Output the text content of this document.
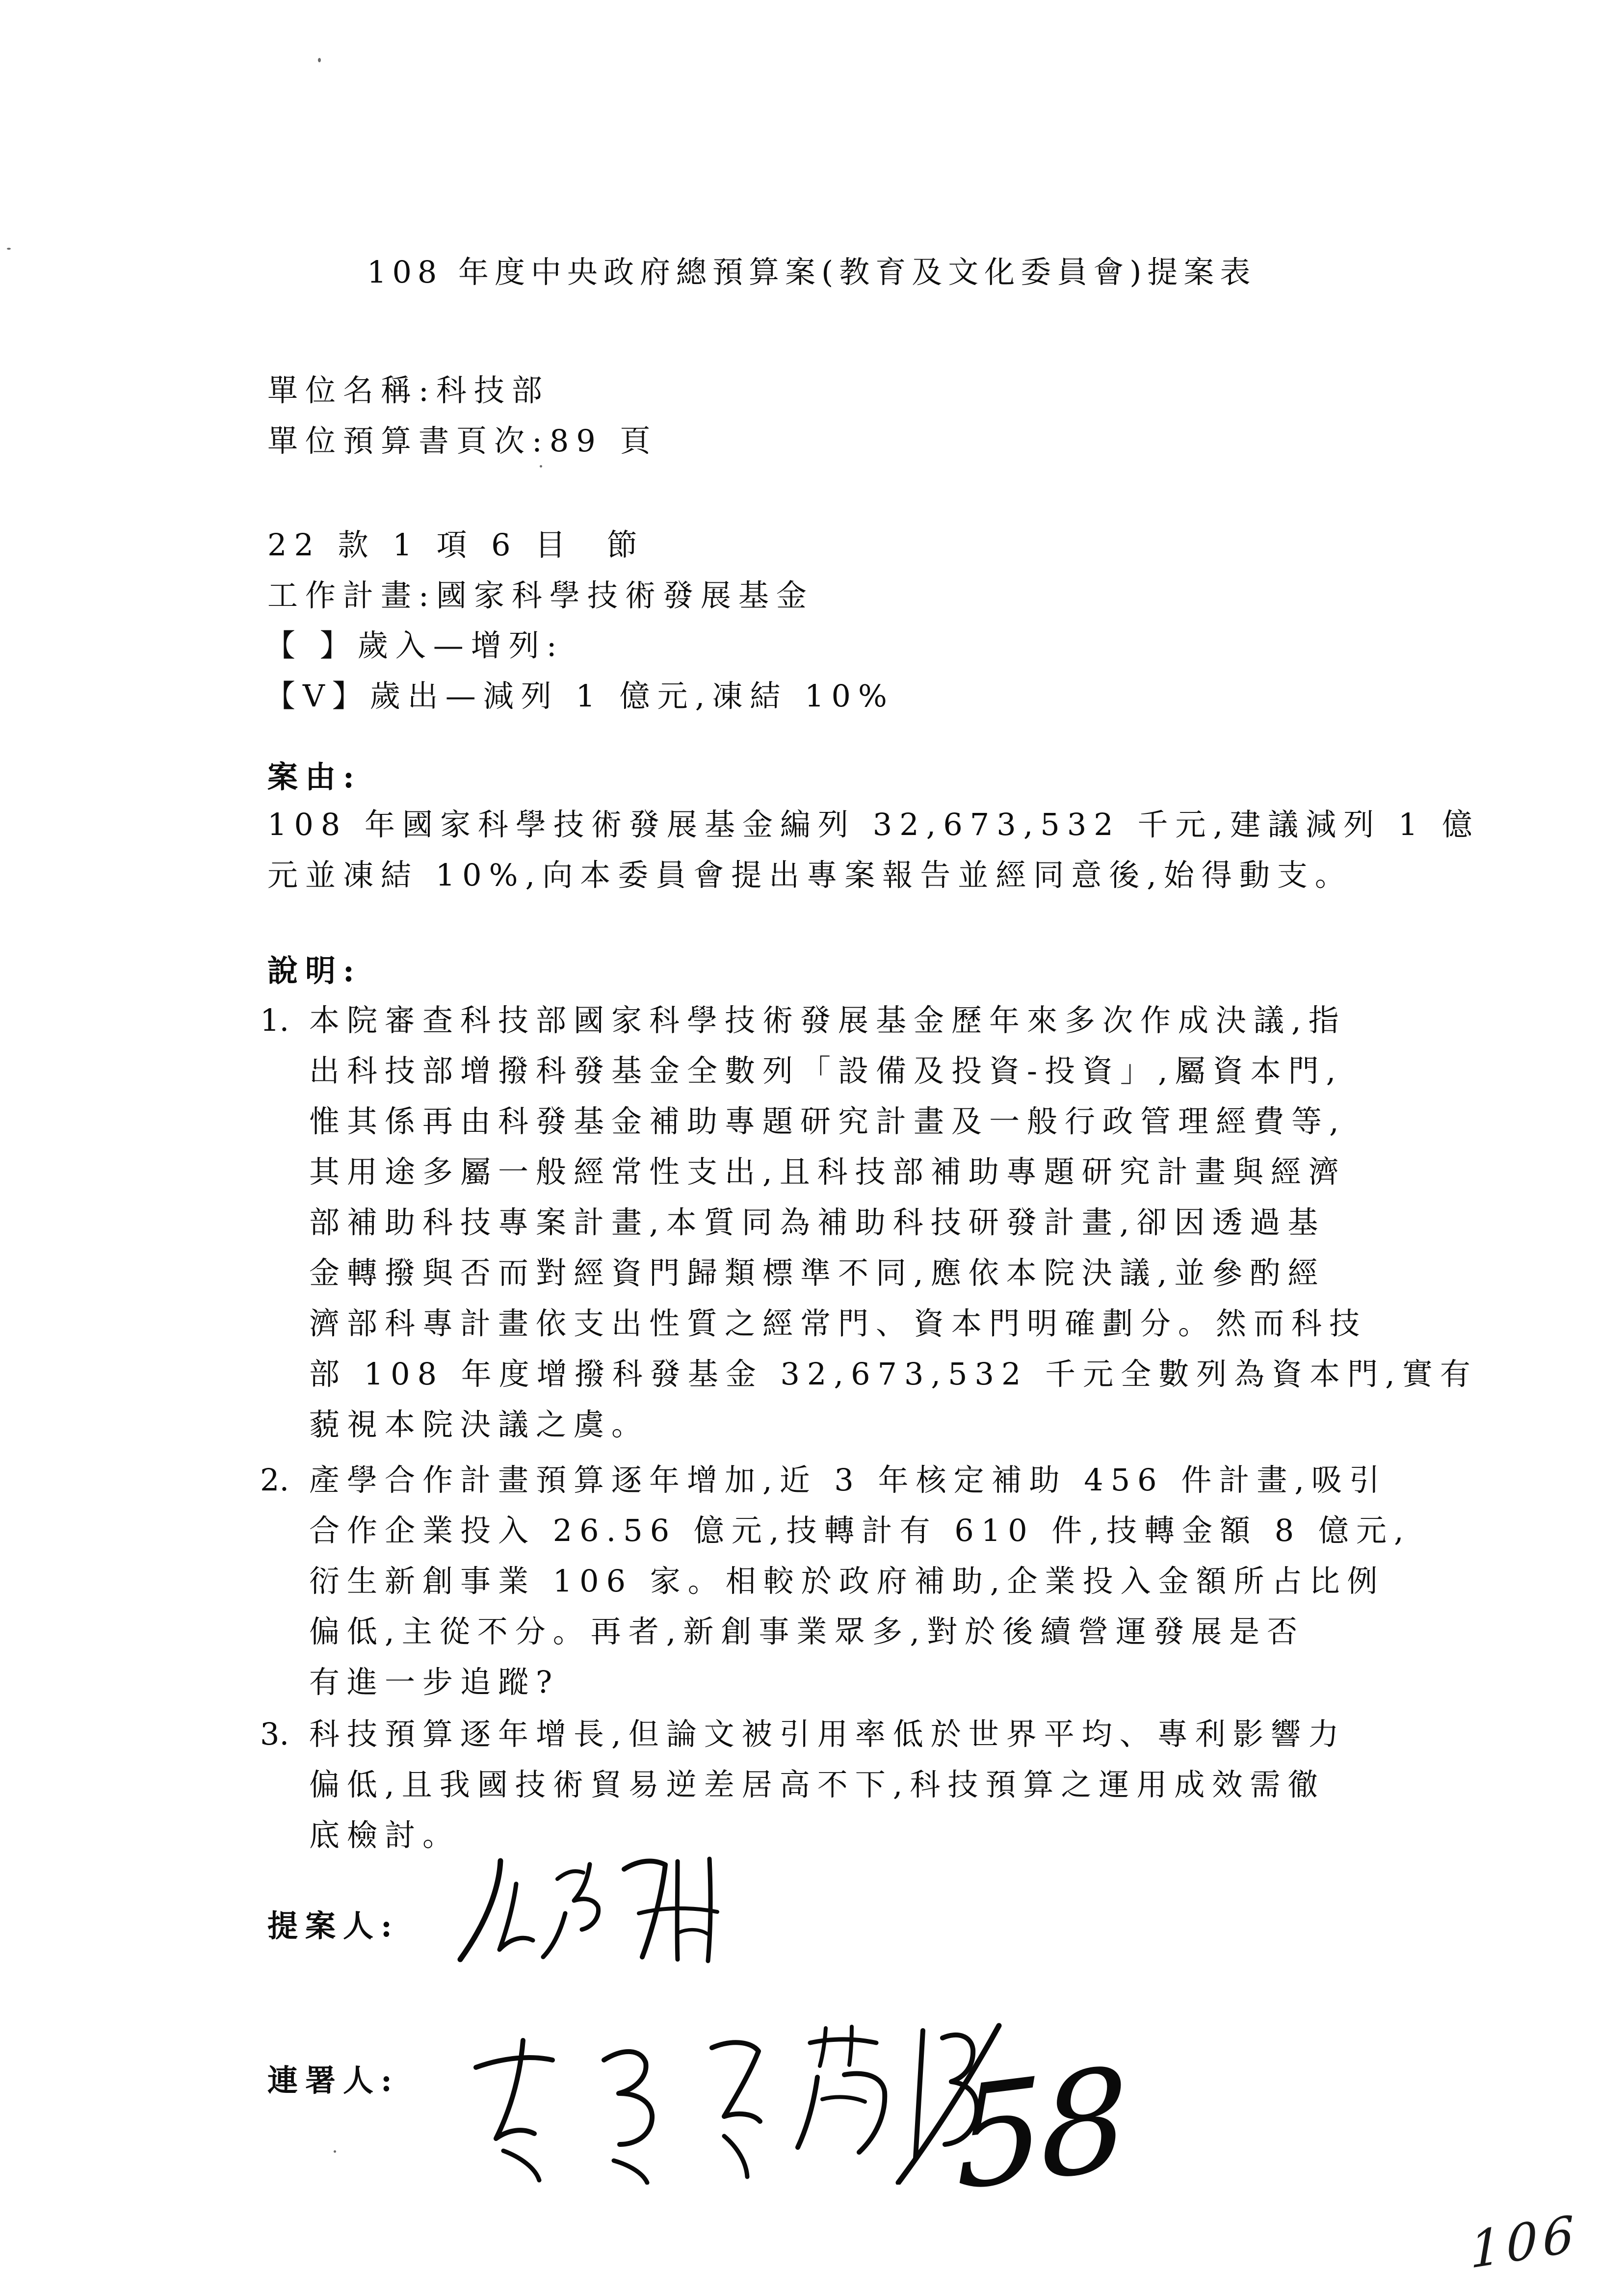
108 年度中央政府總預算案(教育及文化委員會)提案表
單位名稱:科技部
單位預算書頁次:89 頁
22 款 1 項 6 目  節
工作計畫:國家科學技術發展基金
【 】歲入—增列:
【V】歲出—減列 1 億元,凍結 10%
案由:
108 年國家科學技術發展基金編列 32,673,532 千元,建議減列 1 億
元並凍結 10%,向本委員會提出專案報告並經同意後,始得動支。
說明:
1. 本院審查科技部國家科學技術發展基金歷年來多次作成決議,指
出科技部增撥科發基金全數列「設備及投資-投資」,屬資本門,
惟其係再由科發基金補助專題研究計畫及一般行政管理經費等,
其用途多屬一般經常性支出,且科技部補助專題研究計畫與經濟
部補助科技專案計畫,本質同為補助科技研發計畫,卻因透過基
金轉撥與否而對經資門歸類標準不同,應依本院決議,並參酌經
濟部科專計畫依支出性質之經常門、資本門明確劃分。然而科技
部 108 年度增撥科發基金 32,673,532 千元全數列為資本門,實有
藐視本院決議之虞。
2. 產學合作計畫預算逐年增加,近 3 年核定補助 456 件計畫,吸引
合作企業投入 26.56 億元,技轉計有 610 件,技轉金額 8 億元,
衍生新創事業 106 家。相較於政府補助,企業投入金額所占比例
偏低,主從不分。再者,新創事業眾多,對於後續營運發展是否
有進一步追蹤?
3. 科技預算逐年增長,但論文被引用率低於世界平均、專利影響力
偏低,且我國技術貿易逆差居高不下,科技預算之運用成效需徹
底檢討。
提案人:
連署人:	58
106
